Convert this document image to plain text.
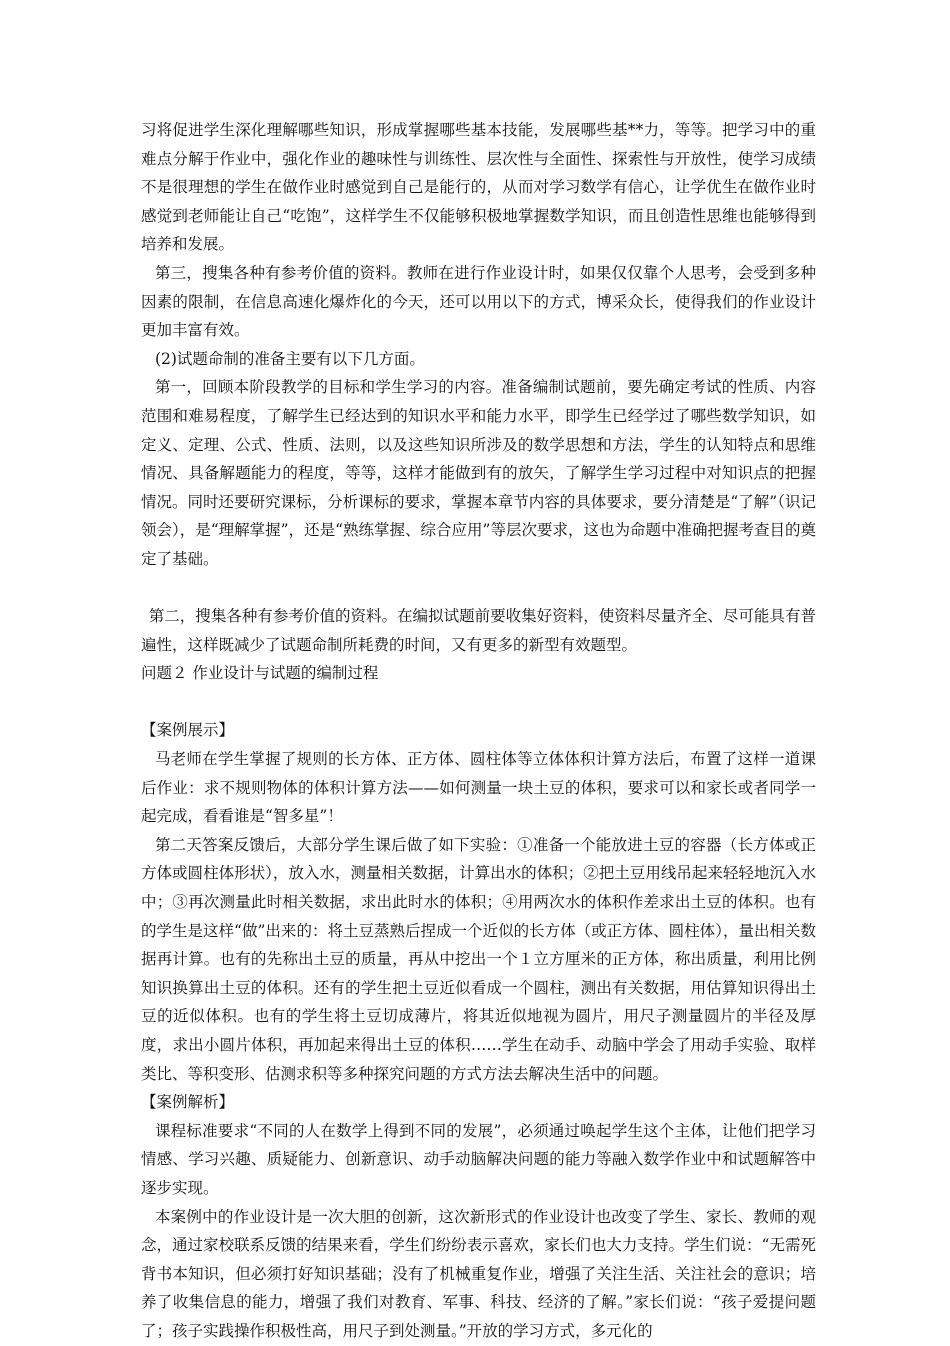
习将促进学生深化理解哪些知识，形成掌握哪些基本技能，发展哪些基**力，等等。把学习中的重难点分解于作业中，强化作业的趣味性与训练性、层次性与全面性、探索性与开放性，使学习成绩不是很理想的学生在做作业时感觉到自己是能行的，从而对学习数学有信心，让学优生在做作业时感觉到老师能让自己“吃饱”，这样学生不仅能够积极地掌握数学知识，而且创造性思维也能够得到培养和发展。

第三，搜集各种有参考价值的资料。教师在进行作业设计时，如果仅仅靠个人思考，会受到多种因素的限制，在信息高速化爆炸化的今天，还可以用以下的方式，博采众长，使得我们的作业设计更加丰富有效。

(2)试题命制的准备主要有以下几方面。

第一，回顾本阶段教学的目标和学生学习的内容。准备编制试题前，要先确定考试的性质、内容范围和难易程度，了解学生已经达到的知识水平和能力水平，即学生已经学过了哪些数学知识，如定义、定理、公式、性质、法则，以及这些知识所涉及的数学思想和方法，学生的认知特点和思维情况、具备解题能力的程度，等等，这样才能做到有的放矢，了解学生学习过程中对知识点的把握情况。同时还要研究课标，分析课标的要求，掌握本章节内容的具体要求，要分清楚是“了解”（识记领会），是“理解掌握”，还是“熟练掌握、综合应用”等层次要求，这也为命题中准确把握考查目的奠定了基础。

第二，搜集各种有参考价值的资料。在编拟试题前要收集好资料，使资料尽量齐全、尽可能具有普遍性，这样既减少了试题命制所耗费的时间，又有更多的新型有效题型。

问题２ 作业设计与试题的编制过程

【案例展示】

马老师在学生掌握了规则的长方体、正方体、圆柱体等立体体积计算方法后，布置了这样一道课后作业：求不规则物体的体积计算方法——如何测量一块土豆的体积，要求可以和家长或者同学一起完成，看看谁是“智多星”！

第二天答案反馈后，大部分学生课后做了如下实验：①准备一个能放进土豆的容器（长方体或正方体或圆柱体形状），放入水，测量相关数据，计算出水的体积；②把土豆用线吊起来轻轻地沉入水中；③再次测量此时相关数据，求出此时水的体积；④用两次水的体积作差求出土豆的体积。也有的学生是这样“做”出来的：将土豆蒸熟后捏成一个近似的长方体（或正方体、圆柱体），量出相关数据再计算。也有的先称出土豆的质量，再从中挖出一个１立方厘米的正方体，称出质量，利用比例知识换算出土豆的体积。还有的学生把土豆近似看成一个圆柱，测出有关数据，用估算知识得出土豆的近似体积。也有的学生将土豆切成薄片，将其近似地视为圆片，用尺子测量圆片的半径及厚度，求出小圆片体积，再加起来得出土豆的体积……学生在动手、动脑中学会了用动手实验、取样类比、等积变形、估测求积等多种探究问题的方式方法去解决生活中的问题。

【案例解析】

课程标准要求“不同的人在数学上得到不同的发展”，必须通过唤起学生这个主体，让他们把学习情感、学习兴趣、质疑能力、创新意识、动手动脑解决问题的能力等融入数学作业中和试题解答中逐步实现。

本案例中的作业设计是一次大胆的创新，这次新形式的作业设计也改变了学生、家长、教师的观念，通过家校联系反馈的结果来看，学生们纷纷表示喜欢，家长们也大力支持。学生们说：“无需死背书本知识，但必须打好知识基础；没有了机械重复作业，增强了关注生活、关注社会的意识；培养了收集信息的能力，增强了我们对教育、军事、科技、经济的了解。”家长们说：“孩子爱提问题了；孩子实践操作积极性高，用尺子到处测量。”开放的学习方式，多元化的
